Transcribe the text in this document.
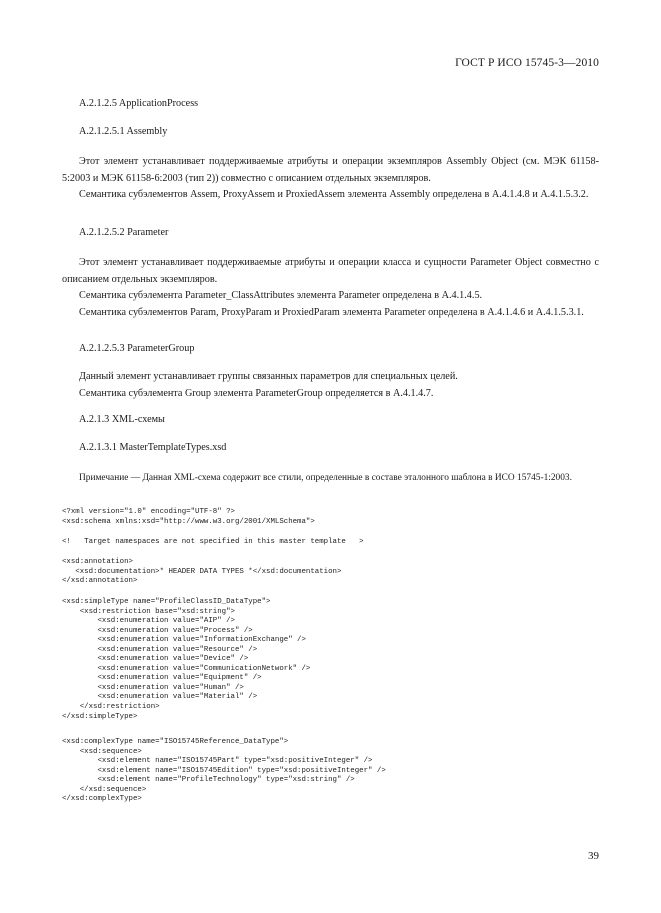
ГОСТ Р ИСО 15745-3—2010
A.2.1.2.5 ApplicationProcess
A.2.1.2.5.1 Assembly

Этот элемент устанавливает поддерживаемые атрибуты и операции экземпляров Assembly Object (см. МЭК 61158-5:2003 и МЭК 61158-6:2003 (тип 2)) совместно с описанием отдельных экземпляров.

Семантика субэлементов Assem, ProxyAssem и ProxiedAssem элемента Assembly определена в A.4.1.4.8 и A.4.1.5.3.2.

A.2.1.2.5.2 Parameter

Этот элемент устанавливает поддерживаемые атрибуты и операции класса и сущности Parameter Object совместно с описанием отдельных экземпляров.

Семантика субэлемента Parameter_ClassAttributes элемента Parameter определена в A.4.1.4.5.

Семантика субэлементов Param, ProxyParam и ProxiedParam элемента Parameter определена в A.4.1.4.6 и A.4.1.5.3.1.

A.2.1.2.5.3 ParameterGroup

Данный элемент устанавливает группы связанных параметров для специальных целей.

Семантика субэлемента Group элемента ParameterGroup определяется в A.4.1.4.7.

A.2.1.3 XML-схемы
A.2.1.3.1 MasterTemplateTypes.xsd

Примечание — Данная XML-схема содержит все стили, определенные в составе эталонного шаблона в ИСО 15745-1:2003.

<?xml version="1.0" encoding="UTF-8" ?>
<xsd:schema xmlns:xsd="http://www.w3.org/2001/XMLSchema">
<!   Target namespaces are not specified in this master template   >
<xsd:annotation>
<xsd:documentation>* HEADER DATA TYPES *</xsd:documentation>
</xsd:annotation>
<xsd:simpleType name="ProfileClassID_DataType">
<xsd:restriction base="xsd:string">
<xsd:enumeration value="AIP" />
<xsd:enumeration value="Process" />
<xsd:enumeration value="InformationExchange" />
<xsd:enumeration value="Resource" />
<xsd:enumeration value="Device" />
<xsd:enumeration value="CommunicationNetwork" />
<xsd:enumeration value="Equipment" />
<xsd:enumeration value="Human" />
<xsd:enumeration value="Material" />
</xsd:restriction>
</xsd:simpleType>
<xsd:complexType name="ISO15745Reference_DataType">
<xsd:sequence>
<xsd:element name="ISO15745Part" type="xsd:positiveInteger" />
<xsd:element name="ISO15745Edition" type="xsd:positiveInteger" />
<xsd:element name="ProfileTechnology" type="xsd:string" />
</xsd:sequence>
</xsd:complexType>
39
